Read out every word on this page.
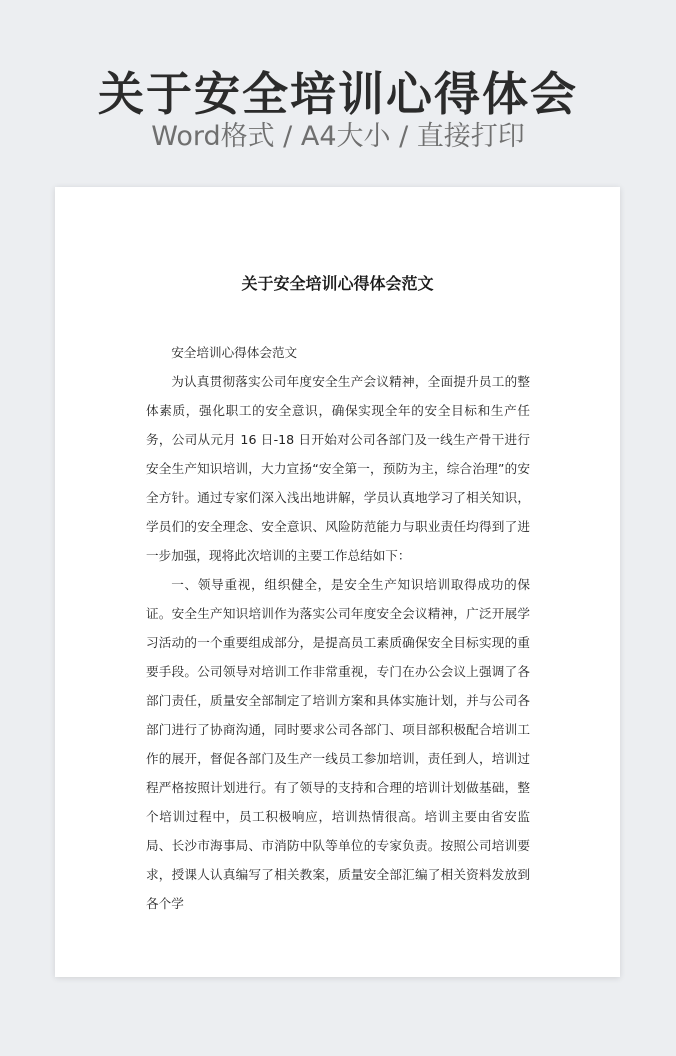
关于安全培训心得体会
Word格式 / A4大小 / 直接打印
关于安全培训心得体会范文

安全培训心得体会范文

为认真贯彻落实公司年度安全生产会议精神，全面提升员工的整体素质，强化职工的安全意识，确保实现全年的安全目标和生产任务，公司从元月 16 日-18 日开始对公司各部门及一线生产骨干进行安全生产知识培训，大力宣扬“安全第一，预防为主，综合治理”的安全方针。通过专家们深入浅出地讲解，学员认真地学习了相关知识，学员们的安全理念、安全意识、风险防范能力与职业责任均得到了进一步加强，现将此次培训的主要工作总结如下：

一、领导重视，组织健全，是安全生产知识培训取得成功的保证。安全生产知识培训作为落实公司年度安全会议精神，广泛开展学习活动的一个重要组成部分，是提高员工素质确保安全目标实现的重要手段。公司领导对培训工作非常重视，专门在办公会议上强调了各部门责任，质量安全部制定了培训方案和具体实施计划，并与公司各部门进行了协商沟通，同时要求公司各部门、项目部积极配合培训工作的展开，督促各部门及生产一线员工参加培训，责任到人，培训过程严格按照计划进行。有了领导的支持和合理的培训计划做基础，整个培训过程中，员工积极响应，培训热情很高。培训主要由省安监局、长沙市海事局、市消防中队等单位的专家负责。按照公司培训要求，授课人认真编写了相关教案，质量安全部汇编了相关资料发放到各个学
